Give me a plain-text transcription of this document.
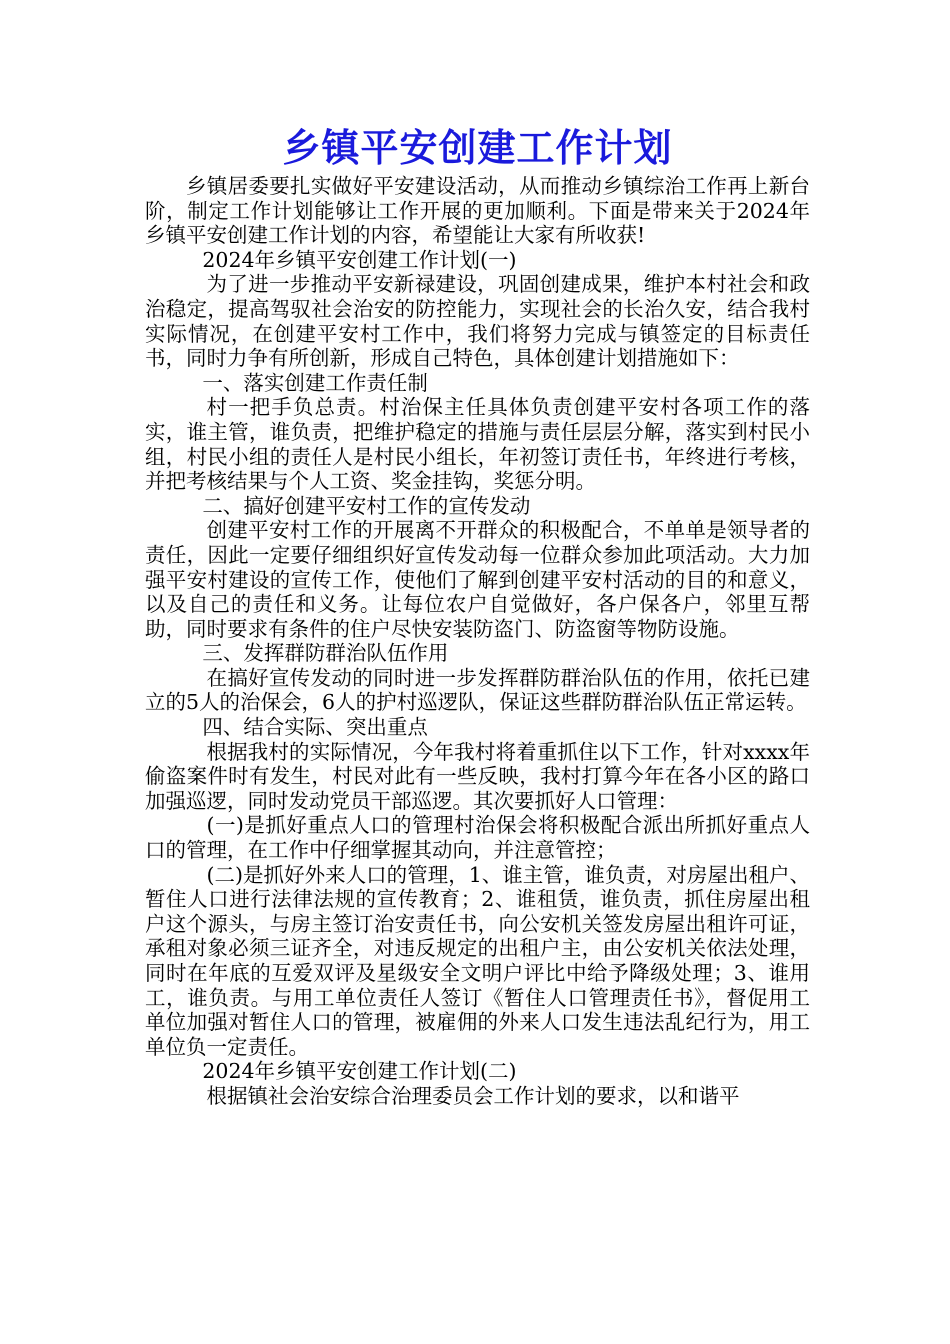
乡镇平安创建工作计划

乡镇居委要扎实做好平安建设活动，从而推动乡镇综治工作再上新台阶，制定工作计划能够让工作开展的更加顺利。下面是带来关于2024年乡镇平安创建工作计划的内容，希望能让大家有所收获!

2024年乡镇平安创建工作计划(一)

为了进一步推动平安新禄建设，巩固创建成果，维护本村社会和政治稳定，提高驾驭社会治安的防控能力，实现社会的长治久安，结合我村实际情况，在创建平安村工作中，我们将努力完成与镇签定的目标责任书，同时力争有所创新，形成自己特色，具体创建计划措施如下：

一、落实创建工作责任制

村一把手负总责。村治保主任具体负责创建平安村各项工作的落实，谁主管，谁负责，把维护稳定的措施与责任层层分解，落实到村民小组，村民小组的责任人是村民小组长，年初签订责任书，年终进行考核，并把考核结果与个人工资、奖金挂钩，奖惩分明。

二、搞好创建平安村工作的宣传发动

创建平安村工作的开展离不开群众的积极配合，不单单是领导者的责任，因此一定要仔细组织好宣传发动每一位群众参加此项活动。大力加强平安村建设的宣传工作，使他们了解到创建平安村活动的目的和意义，以及自己的责任和义务。让每位农户自觉做好，各户保各户，邻里互帮助，同时要求有条件的住户尽快安装防盗门、防盗窗等物防设施。

三、发挥群防群治队伍作用

在搞好宣传发动的同时进一步发挥群防群治队伍的作用，依托已建立的5人的治保会，6人的护村巡逻队，保证这些群防群治队伍正常运转。

四、结合实际、突出重点

根据我村的实际情况，今年我村将着重抓住以下工作，针对xxxx年偷盗案件时有发生，村民对此有一些反映，我村打算今年在各小区的路口加强巡逻，同时发动党员干部巡逻。其次要抓好人口管理：

(一)是抓好重点人口的管理村治保会将积极配合派出所抓好重点人口的管理，在工作中仔细掌握其动向，并注意管控；

(二)是抓好外来人口的管理，1、谁主管，谁负责，对房屋出租户、暂住人口进行法律法规的宣传教育；2、谁租赁，谁负责，抓住房屋出租户这个源头，与房主签订治安责任书，向公安机关签发房屋出租许可证，承租对象必须三证齐全，对违反规定的出租户主，由公安机关依法处理，同时在年底的互爱双评及星级安全文明户评比中给予降级处理；3、谁用工，谁负责。与用工单位责任人签订《暂住人口管理责任书》，督促用工单位加强对暂住人口的管理，被雇佣的外来人口发生违法乱纪行为，用工单位负一定责任。

2024年乡镇平安创建工作计划(二)

根据镇社会治安综合治理委员会工作计划的要求，以和谐平
